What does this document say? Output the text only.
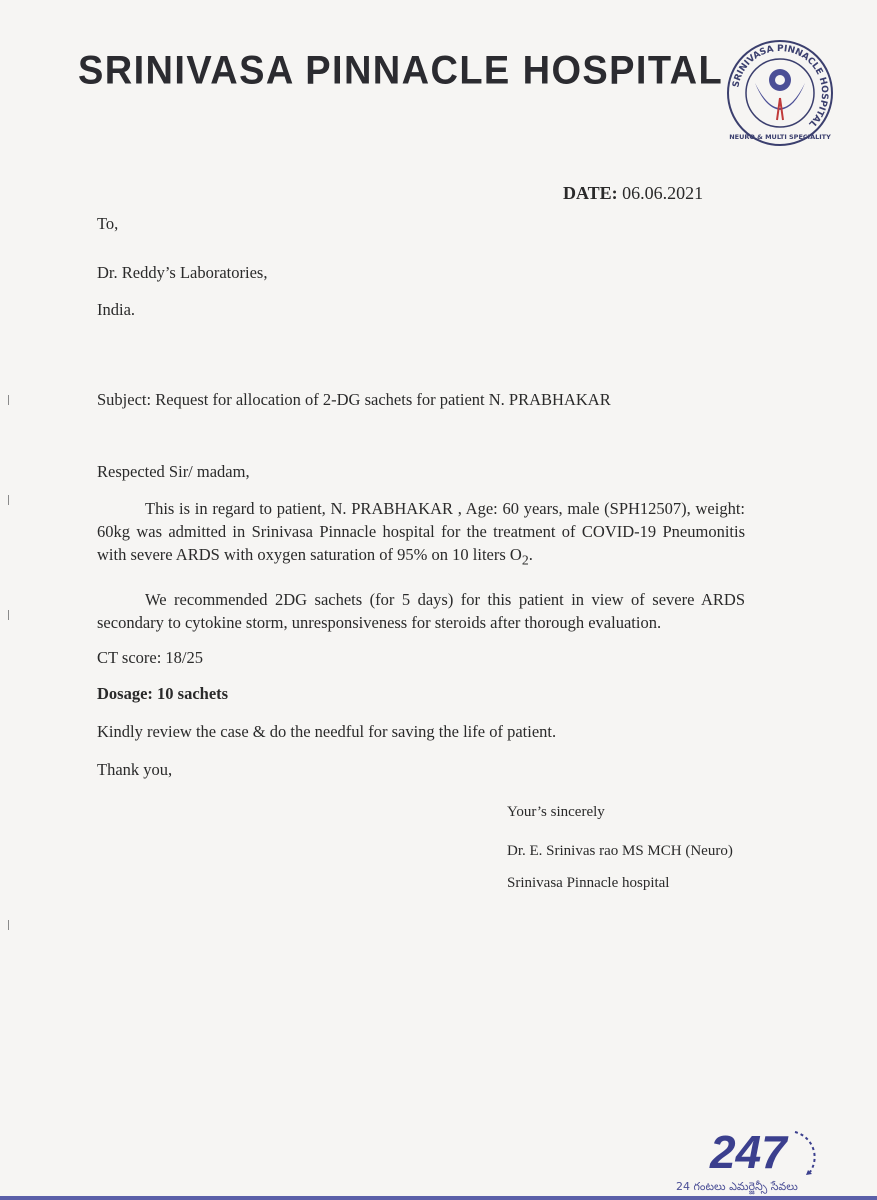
SRINIVASA PINNACLE HOSPITAL SRINIVASA PINNACLE HOSPITAL
NEURO & MULTI SPECIALITY
DATE: 06.06.2021
To,
Dr. Reddy’s Laboratories,
India.
Subject: Request for allocation of 2-DG sachets for patient N. PRABHAKAR
Respected Sir/ madam,
This is in regard to patient, N. PRABHAKAR , Age: 60 years, male (SPH12507), weight: 60kg was admitted in Srinivasa Pinnacle hospital for the treatment of COVID-19 Pneumonitis with severe ARDS with oxygen saturation of 95% on 10 liters $O_2$.
We recommended 2DG sachets (for 5 days) for this patient in view of severe ARDS secondary to cytokine storm, unresponsiveness for steroids after thorough evaluation.
CT score: 18/25
Dosage: 10 sachets
Kindly review the case & do the needful for saving the life of patient.
Thank you,
Your’s sincerely
Dr. E. Srinivas rao MS MCH (Neuro)
Srinivasa Pinnacle hospital
247
24 గంటలు ఎమర్జెన్సీ సేవలు
